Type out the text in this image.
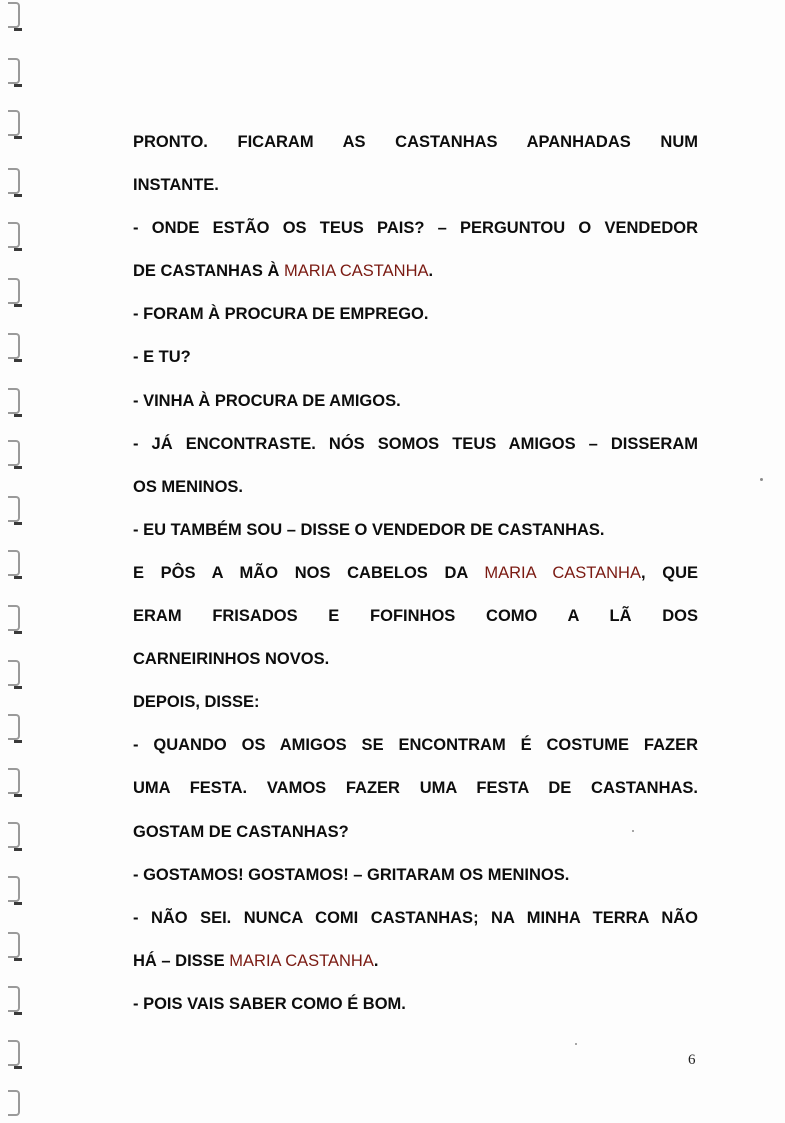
PRONTO. FICARAM AS CASTANHAS APANHADAS NUM
INSTANTE.
- ONDE ESTÃO OS TEUS PAIS? – PERGUNTOU O VENDEDOR
DE CASTANHAS À MARIA CASTANHA.
- FORAM À PROCURA DE EMPREGO.
- E TU?
- VINHA À PROCURA DE AMIGOS.
- JÁ ENCONTRASTE. NÓS SOMOS TEUS AMIGOS – DISSERAM
OS MENINOS.
- EU TAMBÉM SOU – DISSE O VENDEDOR DE CASTANHAS.
E PÔS A MÃO NOS CABELOS DA MARIA CASTANHA, QUE
ERAM FRISADOS E FOFINHOS COMO A LÃ DOS
CARNEIRINHOS NOVOS.
DEPOIS, DISSE:
- QUANDO OS AMIGOS SE ENCONTRAM É COSTUME FAZER
UMA FESTA. VAMOS FAZER UMA FESTA DE CASTANHAS.
GOSTAM DE CASTANHAS?
- GOSTAMOS! GOSTAMOS! – GRITARAM OS MENINOS.
- NÃO SEI. NUNCA COMI CASTANHAS; NA MINHA TERRA NÃO
HÁ – DISSE MARIA CASTANHA.
- POIS VAIS SABER COMO É BOM.
6
